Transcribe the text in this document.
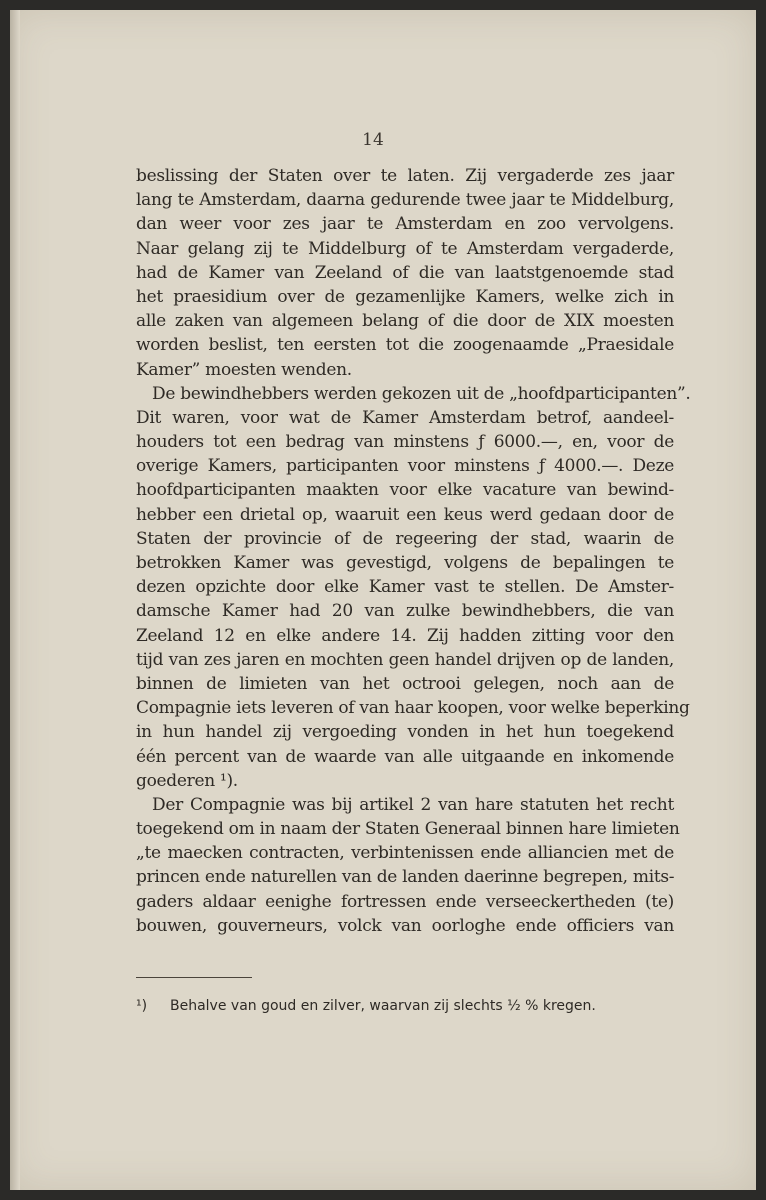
14
beslissing der Staten over te laten. Zij vergaderde zes jaar
lang te Amsterdam, daarna gedurende twee jaar te Middelburg,
dan weer voor zes jaar te Amsterdam en zoo vervolgens.
Naar gelang zij te Middelburg of te Amsterdam vergaderde,
had de Kamer van Zeeland of die van laatstgenoemde stad
het praesidium over de gezamenlijke Kamers, welke zich in
alle zaken van algemeen belang of die door de XIX moesten
worden beslist, ten eersten tot die zoogenaamde „Praesidale
Kamer” moesten wenden.
De bewindhebbers werden gekozen uit de „hoofdparticipanten”.
Dit waren, voor wat de Kamer Amsterdam betrof, aandeel-
houders tot een bedrag van minstens ƒ 6000.—, en, voor de
overige Kamers, participanten voor minstens ƒ 4000.—. Deze
hoofdparticipanten maakten voor elke vacature van bewind-
hebber een drietal op, waaruit een keus werd gedaan door de
Staten der provincie of de regeering der stad, waarin de
betrokken Kamer was gevestigd, volgens de bepalingen te
dezen opzichte door elke Kamer vast te stellen. De Amster-
damsche Kamer had 20 van zulke bewindhebbers, die van
Zeeland 12 en elke andere 14. Zij hadden zitting voor den
tijd van zes jaren en mochten geen handel drijven op de landen,
binnen de limieten van het octrooi gelegen, noch aan de
Compagnie iets leveren of van haar koopen, voor welke beperking
in hun handel zij vergoeding vonden in het hun toegekend
één percent van de waarde van alle uitgaande en inkomende
goederen ¹).
Der Compagnie was bij artikel 2 van hare statuten het recht
toegekend om in naam der Staten Generaal binnen hare limieten
„te maecken contracten, verbintenissen ende alliancien met de
princen ende naturellen van de landen daerinne begrepen, mits-
gaders aldaar eenighe fortressen ende verseeckertheden (te)
bouwen, gouverneurs, volck van oorloghe ende officiers van
¹) Behalve van goud en zilver, waarvan zij slechts ½ % kregen.
